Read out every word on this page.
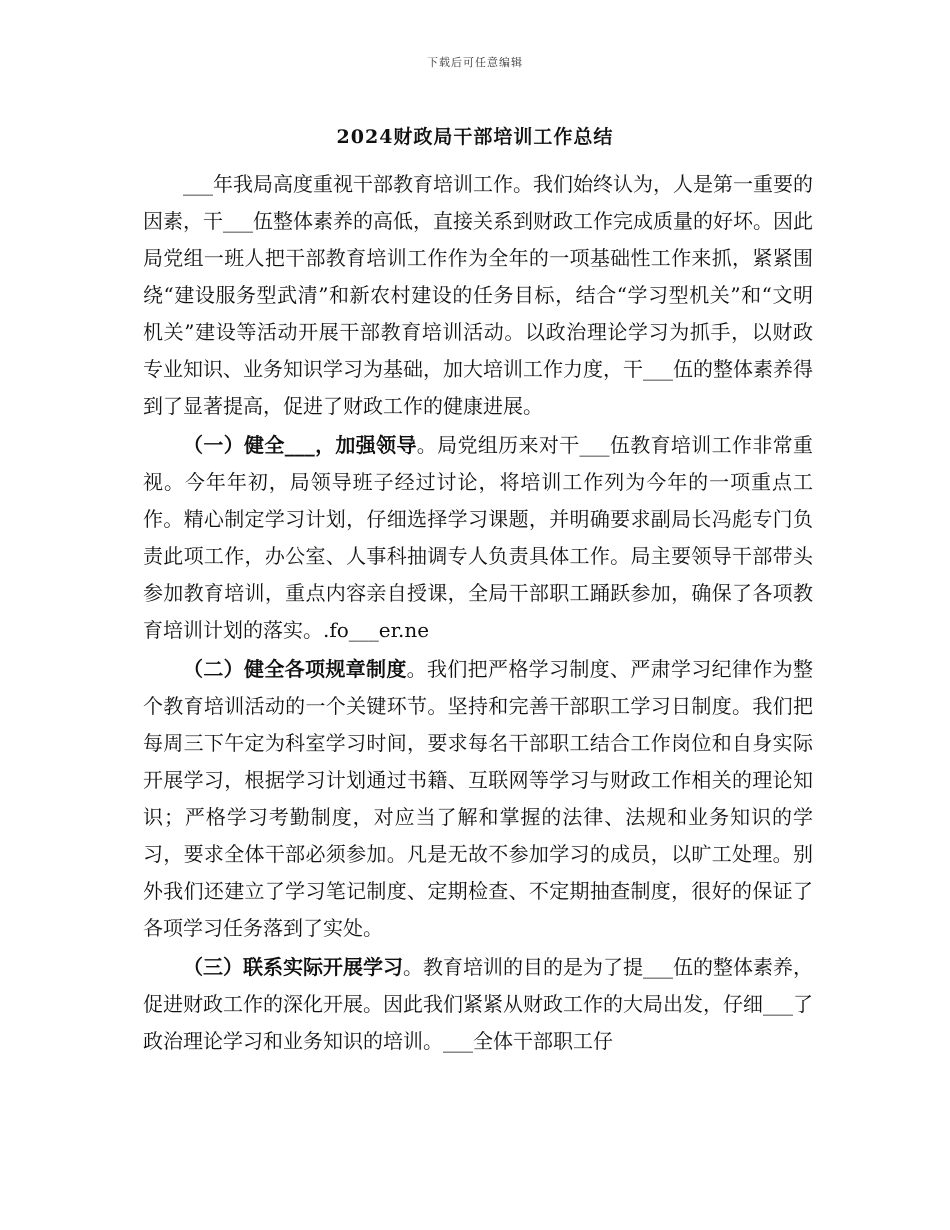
下载后可任意编辑
2024财政局干部培训工作总结

___年我局高度重视干部教育培训工作。我们始终认为，人是第一重要的因素，干___伍整体素养的高低，直接关系到财政工作完成质量的好坏。因此局党组一班人把干部教育培训工作作为全年的一项基础性工作来抓，紧紧围绕“建设服务型武清”和新农村建设的任务目标，结合“学习型机关”和“文明机关”建设等活动开展干部教育培训活动。以政治理论学习为抓手，以财政专业知识、业务知识学习为基础，加大培训工作力度，干___伍的整体素养得到了显著提高，促进了财政工作的健康进展。

（一）健全___，加强领导。局党组历来对干___伍教育培训工作非常重视。今年年初，局领导班子经过讨论，将培训工作列为今年的一项重点工作。精心制定学习计划，仔细选择学习课题，并明确要求副局长冯彪专门负责此项工作，办公室、人事科抽调专人负责具体工作。局主要领导干部带头参加教育培训，重点内容亲自授课，全局干部职工踊跃参加，确保了各项教育培训计划的落实。.fo___er.ne

（二）健全各项规章制度。我们把严格学习制度、严肃学习纪律作为整个教育培训活动的一个关键环节。坚持和完善干部职工学习日制度。我们把每周三下午定为科室学习时间，要求每名干部职工结合工作岗位和自身实际开展学习，根据学习计划通过书籍、互联网等学习与财政工作相关的理论知识；严格学习考勤制度，对应当了解和掌握的法律、法规和业务知识的学习，要求全体干部必须参加。凡是无故不参加学习的成员，以旷工处理。别外我们还建立了学习笔记制度、定期检查、不定期抽查制度，很好的保证了各项学习任务落到了实处。

（三）联系实际开展学习。教育培训的目的是为了提___伍的整体素养，促进财政工作的深化开展。因此我们紧紧从财政工作的大局出发，仔细___了政治理论学习和业务知识的培训。___全体干部职工仔
